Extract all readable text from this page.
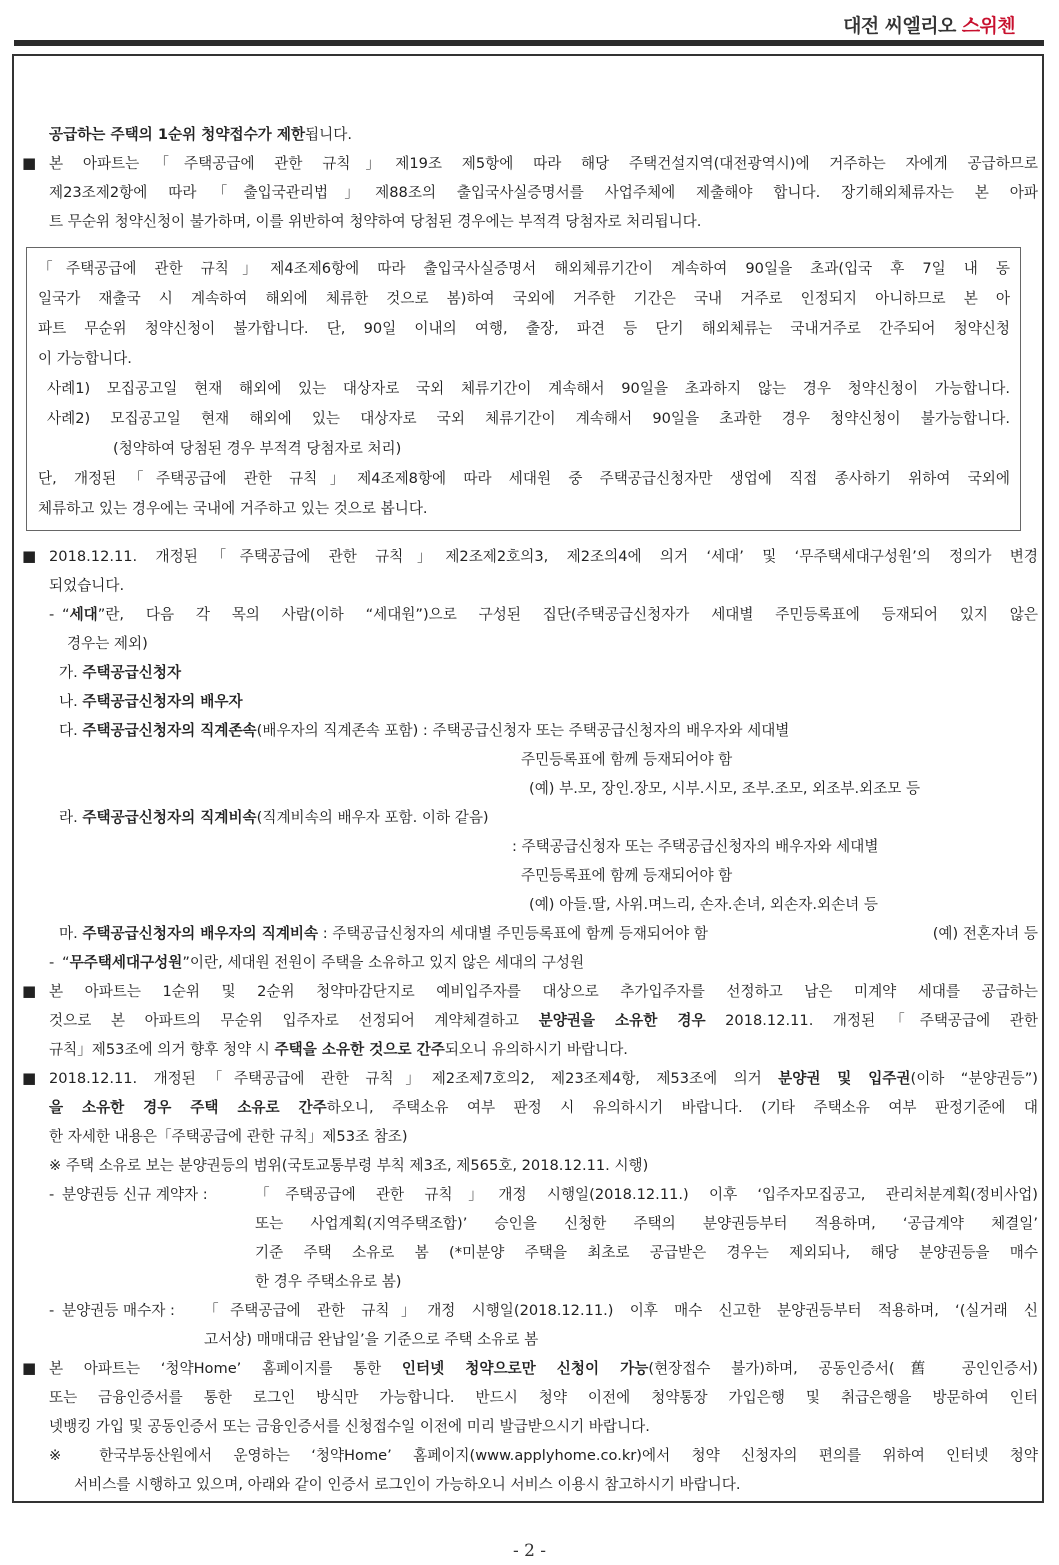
대전 씨엘리오 스위첸
공급하는 주택의 1순위 청약접수가 제한됩니다.
■ 본 아파트는「주택공급에 관한 규칙」제19조 제5항에 따라 해당 주택건설지역(대전광역시)에 거주하는 자에게 공급하므로
제23조제2항에 따라「출입국관리법」제88조의 출입국사실증명서를 사업주체에 제출해야 합니다. 장기해외체류자는 본 아파
트 무순위 청약신청이 불가하며, 이를 위반하여 청약하여 당첨된 경우에는 부적격 당첨자로 처리됩니다.
「주택공급에 관한 규칙」제4조제6항에 따라 출입국사실증명서 해외체류기간이 계속하여 90일을 초과(입국 후 7일 내 동
일국가 재출국 시 계속하여 해외에 체류한 것으로 봄)하여 국외에 거주한 기간은 국내 거주로 인정되지 아니하므로 본 아
파트 무순위 청약신청이 불가합니다. 단, 90일 이내의 여행, 출장, 파견 등 단기 해외체류는 국내거주로 간주되어 청약신청
이 가능합니다.
사례1) 모집공고일 현재 해외에 있는 대상자로 국외 체류기간이 계속해서 90일을 초과하지 않는 경우 청약신청이 가능합니다.
사례2) 모집공고일 현재 해외에 있는 대상자로 국외 체류기간이 계속해서 90일을 초과한 경우 청약신청이 불가능합니다.
(청약하여 당첨된 경우 부적격 당첨자로 처리)
단, 개정된「주택공급에 관한 규칙」제4조제8항에 따라 세대원 중 주택공급신청자만 생업에 직접 종사하기 위하여 국외에
체류하고 있는 경우에는 국내에 거주하고 있는 것으로 봅니다.
■ 2018.12.11. 개정된「주택공급에 관한 규칙」제2조제2호의3, 제2조의4에 의거 ‘세대’ 및 ‘무주택세대구성원’의 정의가 변경
되었습니다.
- “세대”란, 다음 각 목의 사람(이하 “세대원”)으로 구성된 집단(주택공급신청자가 세대별 주민등록표에 등재되어 있지 않은
경우는 제외)
가. 주택공급신청자
나. 주택공급신청자의 배우자
다. 주택공급신청자의 직계존속(배우자의 직계존속 포함) : 주택공급신청자 또는 주택공급신청자의 배우자와 세대별
주민등록표에 함께 등재되어야 함
(예) 부.모, 장인.장모, 시부.시모, 조부.조모, 외조부.외조모 등
라. 주택공급신청자의 직계비속(직계비속의 배우자 포함. 이하 같음)
: 주택공급신청자 또는 주택공급신청자의 배우자와 세대별
주민등록표에 함께 등재되어야 함
(예) 아들.딸, 사위.며느리, 손자.손녀, 외손자.외손녀 등
마. 주택공급신청자의 배우자의 직계비속 : 주택공급신청자의 세대별 주민등록표에 함께 등재되어야 함	(예) 전혼자녀 등
- “무주택세대구성원”이란, 세대원 전원이 주택을 소유하고 있지 않은 세대의 구성원
■ 본 아파트는 1순위 및 2순위 청약마감단지로 예비입주자를 대상으로 추가입주자를 선정하고 남은 미계약 세대를 공급하는
것으로 본 아파트의 무순위 입주자로 선정되어 계약체결하고 분양권을 소유한 경우 2018.12.11. 개정된「주택공급에 관한
규칙」제53조에 의거 향후 청약 시 주택을 소유한 것으로 간주되오니 유의하시기 바랍니다.
■ 2018.12.11. 개정된「주택공급에 관한 규칙」제2조제7호의2, 제23조제4항, 제53조에 의거 분양권 및 입주권(이하 “분양권등”)
을 소유한 경우 주택 소유로 간주하오니, 주택소유 여부 판정 시 유의하시기 바랍니다. (기타 주택소유 여부 판정기준에 대
한 자세한 내용은「주택공급에 관한 규칙」제53조 참조)
※ 주택 소유로 보는 분양권등의 범위(국토교통부령 부칙 제3조, 제565호, 2018.12.11. 시행)
- 분양권등 신규 계약자 :	「주택공급에 관한 규칙」개정 시행일(2018.12.11.) 이후 ‘입주자모집공고, 관리처분계획(정비사업)
또는 사업계획(지역주택조합)’ 승인을 신청한 주택의 분양권등부터 적용하며, ‘공급계약 체결일’
기준 주택 소유로 봄 (*미분양 주택을 최초로 공급받은 경우는 제외되나, 해당 분양권등을 매수
한 경우 주택소유로 봄)
- 분양권등 매수자 :	「주택공급에 관한 규칙」개정 시행일(2018.12.11.) 이후 매수 신고한 분양권등부터 적용하며, ‘(실거래 신
고서상) 매매대금 완납일’을 기준으로 주택 소유로 봄
■ 본 아파트는 ‘청약Home’ 홈페이지를 통한 인터넷 청약으로만 신청이 가능(현장접수 불가)하며, 공동인증서(舊 공인인증서)
또는 금융인증서를 통한 로그인 방식만 가능합니다. 반드시 청약 이전에 청약통장 가입은행 및 취급은행을 방문하여 인터
넷뱅킹 가입 및 공동인증서 또는 금융인증서를 신청접수일 이전에 미리 발급받으시기 바랍니다.
※ 한국부동산원에서 운영하는 ‘청약Home’ 홈페이지(www.applyhome.co.kr)에서 청약 신청자의 편의를 위하여 인터넷 청약
서비스를 시행하고 있으며, 아래와 같이 인증서 로그인이 가능하오니 서비스 이용시 참고하시기 바랍니다.
- 2 -
